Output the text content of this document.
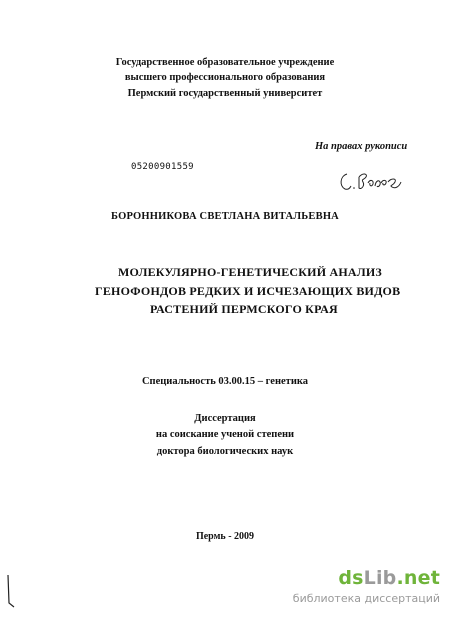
Государственное образовательное учреждение
высшего профессионального образования
Пермский государственный университет
На правах рукописи
05200901559
БОРОННИКОВА СВЕТЛАНА ВИТАЛЬЕВНА
МОЛЕКУЛЯРНО-ГЕНЕТИЧЕСКИЙ АНАЛИЗ
ГЕНОФОНДОВ РЕДКИХ И ИСЧЕЗАЮЩИХ ВИДОВ
РАСТЕНИЙ ПЕРМСКОГО КРАЯ
Специальность 03.00.15 – генетика
Диссертация
на соискание ученой степени
доктора биологических наук
Пермь - 2009
dsLib.net
библиотека диссертаций
